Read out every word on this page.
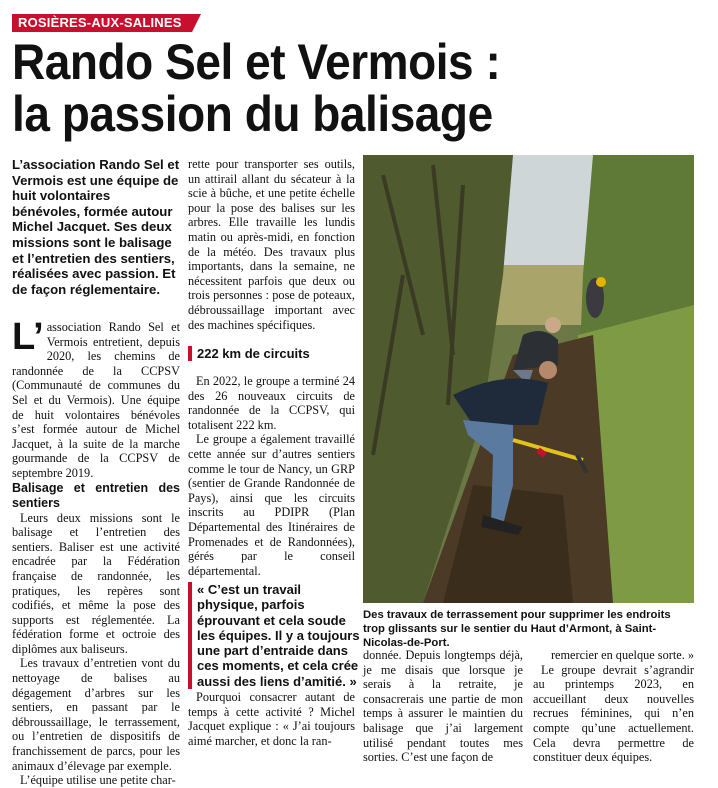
ROSIÈRES-AUX-SALINES
Rando Sel et Vermois :
la passion du balisage
L’association Rando Sel et Vermois est une équipe de huit volontaires bénévoles, formée autour Michel Jacquet. Ses deux missions sont le balisage et l’entretien des sentiers, réalisées avec passion. Et de façon réglementaire.

L’ association Rando Sel et Vermois entretient, depuis 2020, les chemins de randonnée de la CCPSV (Communauté de communes du Sel et du Vermois). Une équipe de huit volontaires bénévoles s’est formée autour de Michel Jacquet, à la suite de la marche gourmande de la CCPSV de septembre 2019.

Balisage et entretien des sentiers

Leurs deux missions sont le balisage et l’entretien des sentiers. Baliser est une activité encadrée par la Fédération française de randonnée, les pratiques, les repères sont codifiés, et même la pose des supports est réglementée. La fédération forme et octroie des diplômes aux baliseurs.

Les travaux d’entretien vont du nettoyage de balises au dégagement d’arbres sur les sentiers, en passant par le débroussaillage, le terrassement, ou l’entretien de dispositifs de franchissement de parcs, pour les animaux d’élevage par exemple.

L’équipe utilise une petite char-

rette pour transporter ses outils, un attirail allant du sécateur à la scie à bûche, et une petite échelle pour la pose des balises sur les arbres. Elle travaille les lundis matin ou après-midi, en fonction de la météo. Des travaux plus importants, dans la semaine, ne nécessitent parfois que deux ou trois personnes : pose de poteaux, débroussaillage important avec des machines spécifiques.

222 km de circuits

En 2022, le groupe a terminé 24 des 26 nouveaux circuits de randonnée de la CCPSV, qui totalisent 222 km.

Le groupe a également travaillé cette année sur d’autres sentiers comme le tour de Nancy, un GRP (sentier de Grande Randonnée de Pays), ainsi que les circuits inscrits au PDIPR (Plan Départemental des Itinéraires de Promenades et de Randonnées), gérés par le conseil départemental.

« C’est un travail physique, parfois éprouvant et cela soude les équipes. Il y a toujours une part d’entraide dans ces moments, et cela crée aussi des liens d’amitié. »

Pourquoi consacrer autant de temps à cette activité ? Michel Jacquet explique : « J’ai toujours aimé marcher, et donc la ran-

Des travaux de terrassement pour supprimer les endroits trop glissants sur le sentier du Haut d’Armont, à Saint-Nicolas-de-Port.

donnée. Depuis longtemps déjà, je me disais que lorsque je serais à la retraite, je consacrerais une partie de mon temps à assurer le maintien du balisage que j’ai largement utilisé pendant toutes mes sorties. C’est une façon de

remercier en quelque sorte. »

Le groupe devrait s’agrandir au printemps 2023, en accueillant deux nouvelles recrues féminines, qui n’en compte qu’une actuellement. Cela devra permettre de constituer deux équipes.
